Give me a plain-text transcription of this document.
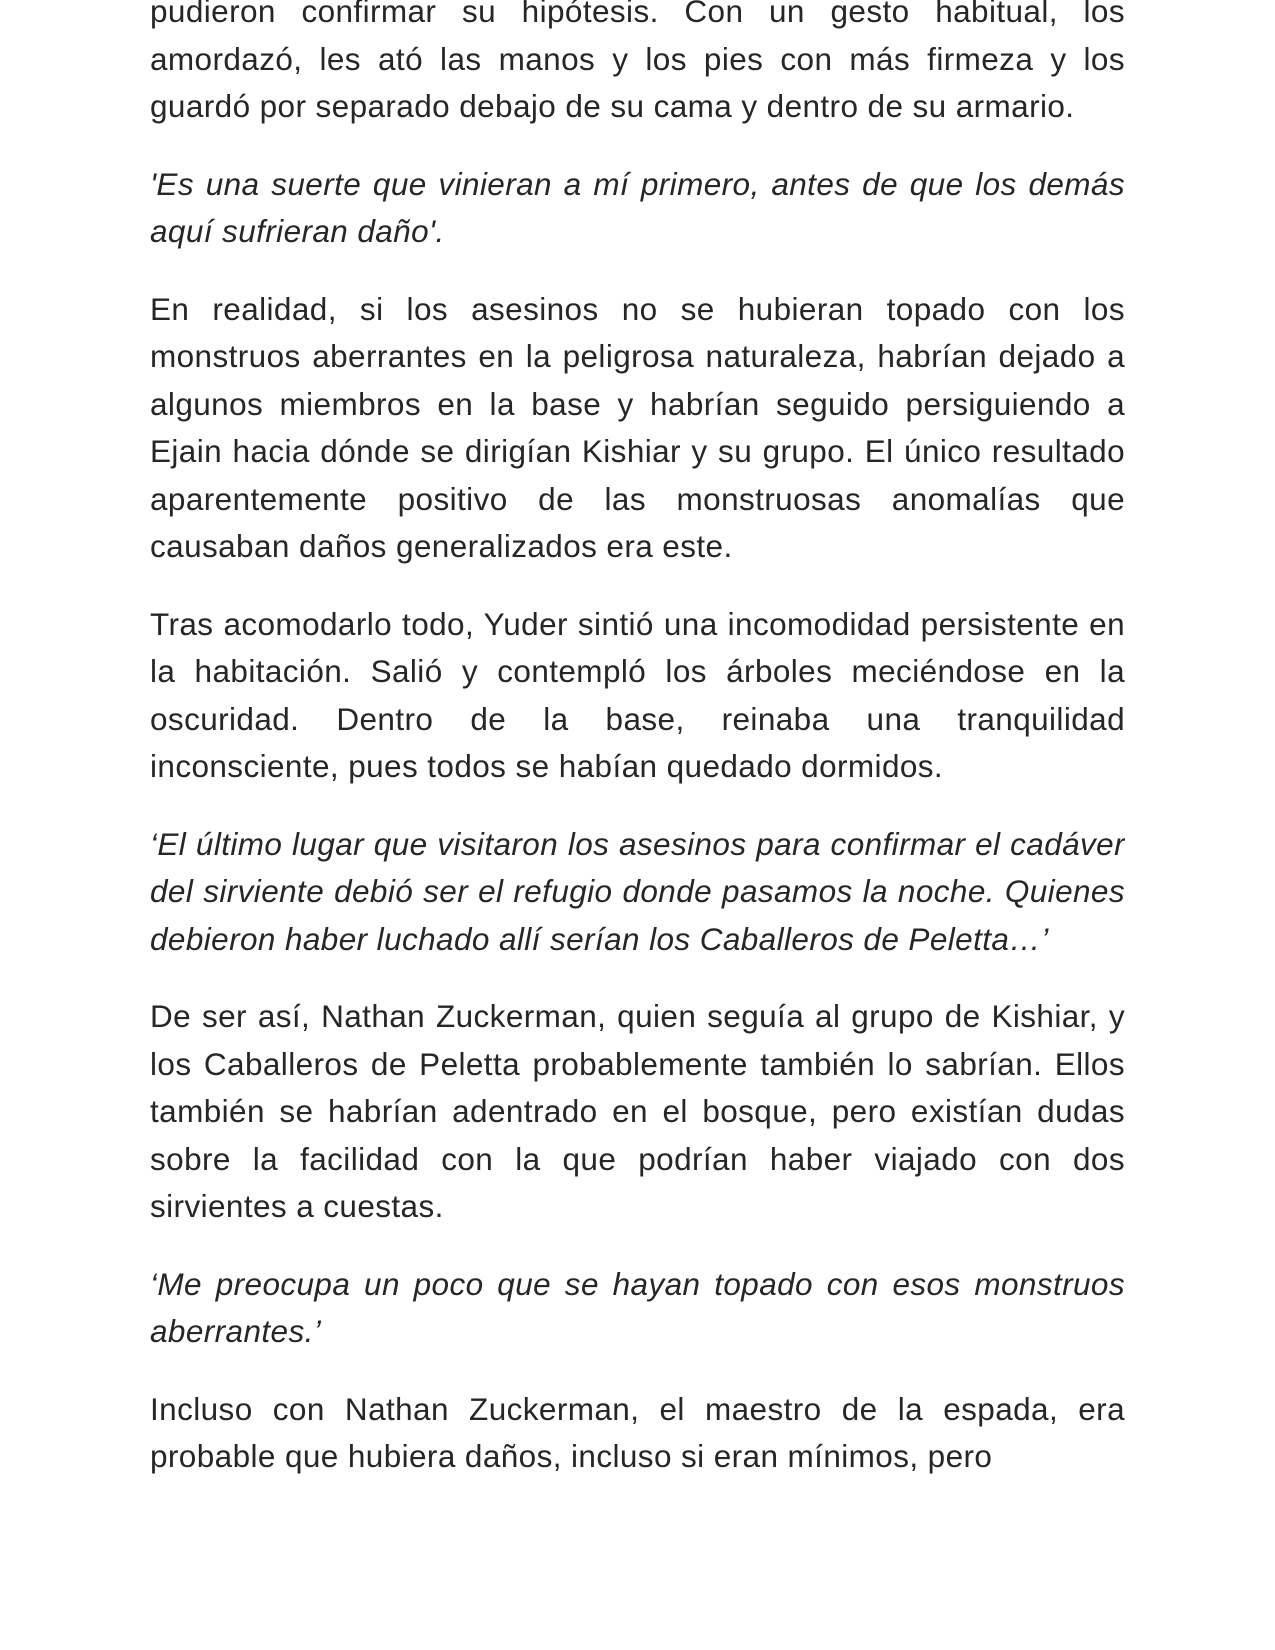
pudieron confirmar su hipótesis. Con un gesto habitual, los amordazó, les ató las manos y los pies con más firmeza y los guardó por separado debajo de su cama y dentro de su armario.

'Es una suerte que vinieran a mí primero, antes de que los demás aquí sufrieran daño'.

En realidad, si los asesinos no se hubieran topado con los monstruos aberrantes en la peligrosa naturaleza, habrían dejado a algunos miembros en la base y habrían seguido persiguiendo a Ejain hacia dónde se dirigían Kishiar y su grupo. El único resultado aparentemente positivo de las monstruosas anomalías que causaban daños generalizados era este.

Tras acomodarlo todo, Yuder sintió una incomodidad persistente en la habitación. Salió y contempló los árboles meciéndose en la oscuridad. Dentro de la base, reinaba una tranquilidad inconsciente, pues todos se habían quedado dormidos.

‘El último lugar que visitaron los asesinos para confirmar el cadáver del sirviente debió ser el refugio donde pasamos la noche. Quienes debieron haber luchado allí serían los Caballeros de Peletta…’

De ser así, Nathan Zuckerman, quien seguía al grupo de Kishiar, y los Caballeros de Peletta probablemente también lo sabrían. Ellos también se habrían adentrado en el bosque, pero existían dudas sobre la facilidad con la que podrían haber viajado con dos sirvientes a cuestas.

‘Me preocupa un poco que se hayan topado con esos monstruos aberrantes.’

Incluso con Nathan Zuckerman, el maestro de la espada, era probable que hubiera daños, incluso si eran mínimos, pero
